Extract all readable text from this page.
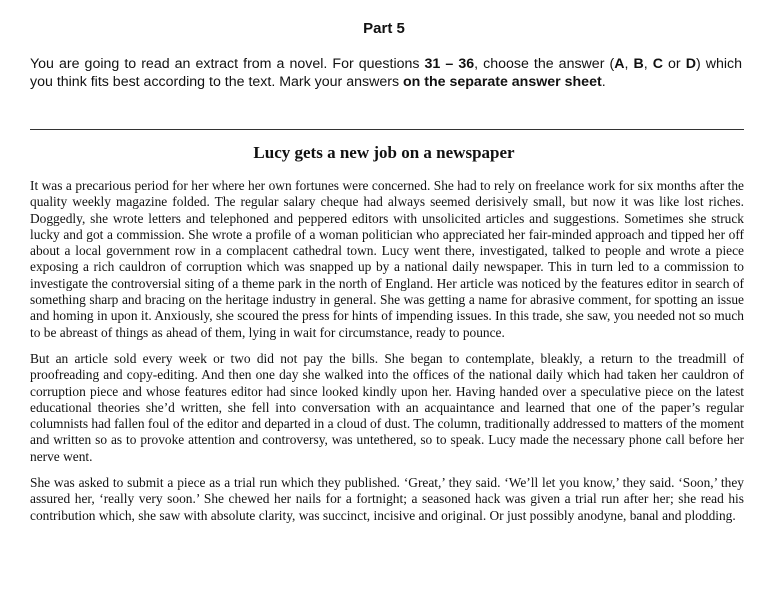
Part 5
You are going to read an extract from a novel. For questions 31 – 36, choose the answer (A, B, C or D) which you think fits best according to the text. Mark your answers on the separate answer sheet.
Lucy gets a new job on a newspaper

It was a precarious period for her where her own fortunes were concerned. She had to rely on freelance work for six months after the quality weekly magazine folded. The regular salary cheque had always seemed derisively small, but now it was like lost riches. Doggedly, she wrote letters and telephoned and peppered editors with unsolicited articles and suggestions. Sometimes she struck lucky and got a commission. She wrote a profile of a woman politician who appreciated her fair-minded approach and tipped her off about a local government row in a complacent cathedral town. Lucy went there, investigated, talked to people and wrote a piece exposing a rich cauldron of corruption which was snapped up by a national daily newspaper. This in turn led to a commission to investigate the controversial siting of a theme park in the north of England. Her article was noticed by the features editor in search of something sharp and bracing on the heritage industry in general. She was getting a name for abrasive comment, for spotting an issue and homing in upon it. Anxiously, she scoured the press for hints of impending issues. In this trade, she saw, you needed not so much to be abreast of things as ahead of them, lying in wait for circumstance, ready to pounce.

But an article sold every week or two did not pay the bills. She began to contemplate, bleakly, a return to the treadmill of proofreading and copy-editing. And then one day she walked into the offices of the national daily which had taken her cauldron of corruption piece and whose features editor had since looked kindly upon her. Having handed over a speculative piece on the latest educational theories she’d written, she fell into conversation with an acquaintance and learned that one of the paper’s regular columnists had fallen foul of the editor and departed in a cloud of dust. The column, traditionally addressed to matters of the moment and written so as to provoke attention and controversy, was untethered, so to speak. Lucy made the necessary phone call before her nerve went.

She was asked to submit a piece as a trial run which they published. ‘Great,’ they said. ‘We’ll let you know,’ they said. ‘Soon,’ they assured her, ‘really very soon.’ She chewed her nails for a fortnight; a seasoned hack was given a trial run after her; she read his contribution which, she saw with absolute clarity, was succinct, incisive and original. Or just possibly anodyne, banal and plodding.
